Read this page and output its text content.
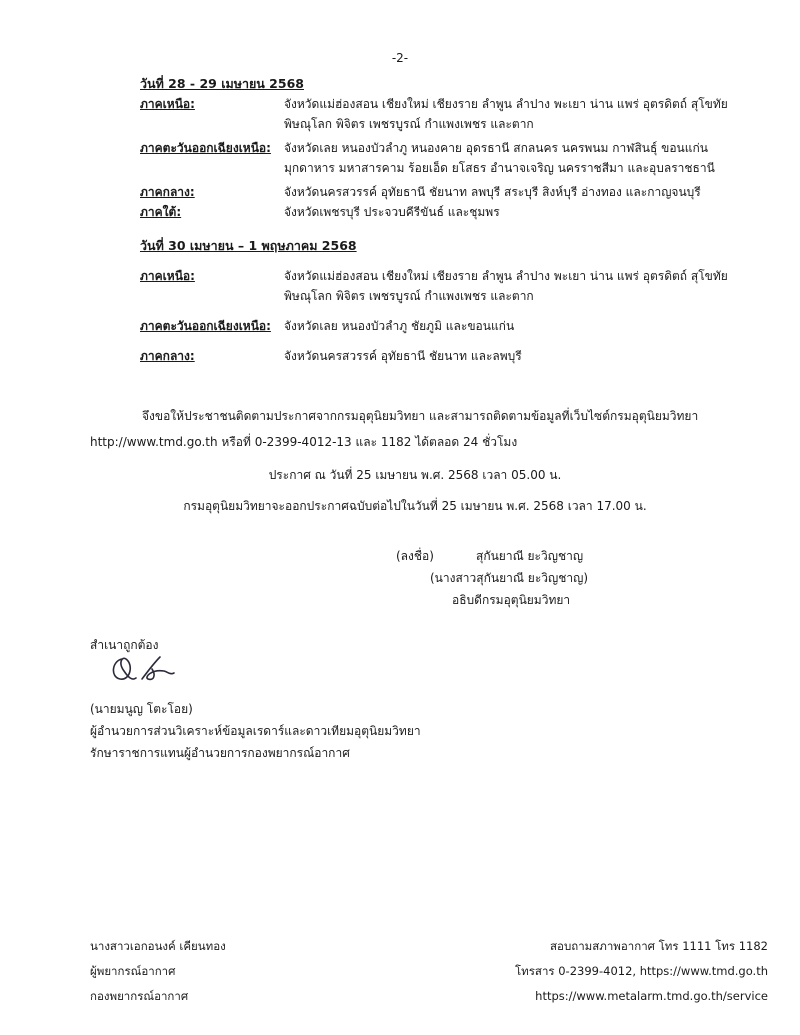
-2-
วันที่ 28 - 29 เมษายน 2568
ภาคเหนือ:	จังหวัดแม่ฮ่องสอน เชียงใหม่ เชียงราย ลำพูน ลำปาง พะเยา น่าน แพร่ อุตรดิตถ์ สุโขทัย
พิษณุโลก พิจิตร เพชรบูรณ์ กำแพงเพชร และตาก
ภาคตะวันออกเฉียงเหนือ:	จังหวัดเลย หนองบัวลำภู หนองคาย อุดรธานี สกลนคร นครพนม กาฬสินธุ์ ขอนแก่น
มุกดาหาร มหาสารคาม ร้อยเอ็ด ยโสธร อำนาจเจริญ นครราชสีมา และอุบลราชธานี
ภาคกลาง:	จังหวัดนครสวรรค์ อุทัยธานี ชัยนาท ลพบุรี สระบุรี สิงห์บุรี อ่างทอง และกาญจนบุรี
ภาคใต้:	จังหวัดเพชรบุรี ประจวบคีรีขันธ์ และชุมพร
วันที่ 30 เมษายน – 1 พฤษภาคม 2568
ภาคเหนือ:	จังหวัดแม่ฮ่องสอน เชียงใหม่ เชียงราย ลำพูน ลำปาง พะเยา น่าน แพร่ อุตรดิตถ์ สุโขทัย
พิษณุโลก พิจิตร เพชรบูรณ์ กำแพงเพชร และตาก
ภาคตะวันออกเฉียงเหนือ:	จังหวัดเลย หนองบัวลำภู ชัยภูมิ และขอนแก่น
ภาคกลาง:	จังหวัดนครสวรรค์ อุทัยธานี ชัยนาท และลพบุรี
จึงขอให้ประชาชนติดตามประกาศจากกรมอุตุนิยมวิทยา และสามารถติดตามข้อมูลที่เว็บไซต์กรมอุตุนิยมวิทยา
http://www.tmd.go.th หรือที่ 0-2399-4012-13 และ 1182 ได้ตลอด 24 ชั่วโมง
ประกาศ ณ วันที่ 25 เมษายน พ.ศ. 2568 เวลา 05.00 น.
กรมอุตุนิยมวิทยาจะออกประกาศฉบับต่อไปในวันที่ 25 เมษายน พ.ศ. 2568 เวลา 17.00 น.
(ลงชื่อ)	สุกันยาณี ยะวิญชาญ
(นางสาวสุกันยาณี ยะวิญชาญ)
อธิบดีกรมอุตุนิยมวิทยา
สำเนาถูกต้อง
(นายมนูญ โตะโอย)
ผู้อำนวยการส่วนวิเคราะห์ข้อมูลเรดาร์และดาวเทียมอุตุนิยมวิทยา
รักษาราชการแทนผู้อำนวยการกองพยากรณ์อากาศ
นางสาวเอกอนงค์ เคียนทอง
ผู้พยากรณ์อากาศ
กองพยากรณ์อากาศ
สอบถามสภาพอากาศ โทร 1111 โทร 1182
โทรสาร 0-2399-4012, https://www.tmd.go.th
https://www.metalarm.tmd.go.th/service
